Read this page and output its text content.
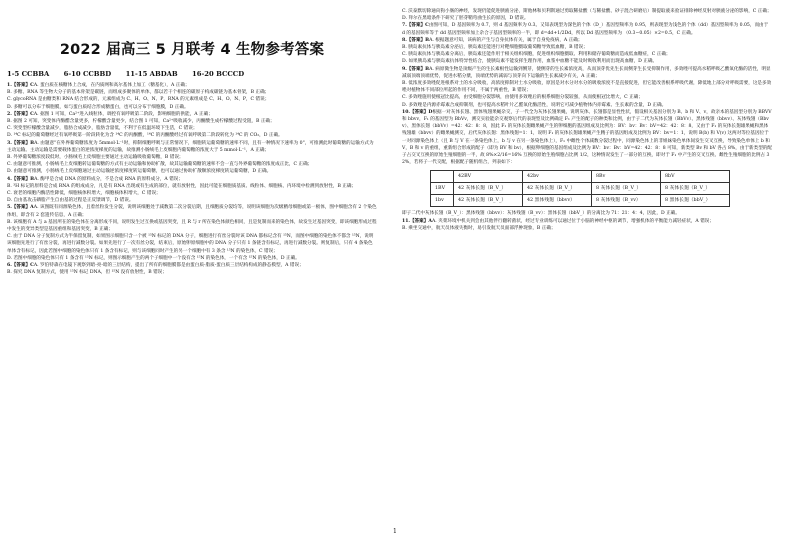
2022 届高三 5 月联考 4 生物参考答案
1-5 CCBBA 6-10 CCBBD 11-15 ABDAB 16-20 BCCCD

1.【答案】CA. 蛋白质在核糖体上合成，在内质网和高尔基体上加工（糖基化），A 正确；

B. 多糖、RNA 等生物大分子的基本骨架是碳链，而组成多聚体的单体，都以若干个相连的碳原子构成碳链为基本骨架，B 正确；

C. glycoRNA 是由糖类和 RNA 结合形成的，元素组成为 C、H、O、N、P，RNA 的元素组成是 C、H、O、N、P，C 错误；

D. 多糖可以分布于细胞膜，如与蛋白质结合形成糖蛋白，也可以分布于细胞膜，D 正确。

2.【答案】CA. 据图 1 可知，Ca²⁺进入线粒体，调控有氧呼吸第二阶段，影响细胞的供能，A 正确；

B. 据图 2 可知，突变体内酶醋含量更多，柠檬酸含量更少，结合图 1 可知，Ca²⁺吸收减少，丙酮酸生成柠檬酸过程受阻，B 正确；

C. 突变型柠檬酸含量减少，脂肪合成减少，脂肪含量低，不利于在低温环境下生活，C 错误；

D. ¹⁴C 标记的葡萄糖经过有氧呼吸第一阶段转化为含 ¹⁴C 的丙酮酸，¹⁴C 的丙酮酸经过有氧呼吸第二阶段转化为 ¹⁴C 的 CO₂，D 正确。

3.【答案】BA. 由题意"在外界葡萄糖浓度为 5mmol·L⁻¹时，抑制细胞呼吸与正常情况下，细胞转运葡萄糖的速率不同，且有一种情况下速率为 0"，可推测此时葡萄糖的运输方式为主动运输。主动运输是需要载体蛋白的逆浓度梯度的运输，故推测小肠绒毛上皮细胞内葡萄糖的浓度大于 5 mmol·L⁻¹，A 正确；

B. 外界葡萄糖浓度较低时，小肠绒毛上皮细胞主要通过主动运输吸收葡萄糖，B 错误；

C. 由题意可推测，小肠绒毛上皮细胞转运葡萄糖的方式有主动运输和协助扩散，故其运输葡萄糖的速率不会一直与外界葡萄糖的浓度成正比，C 正确；

D. 由题意可推测，小肠绒毛上皮细胞通过主动运输逆浓度梯度转运葡萄糖，也可以通过协助扩散顺浓度梯度转运葡萄糖，D 正确。

4.【答案】BA. 酶甲是合成 DNA 的原料成分，不是合成 RNA 的原料成分，A 错误；

B. ³H 标记的原料是合成 RNA 的组成成分，凡是有 RNA 出现或有生成的部位，就有放射性，因此可能在细胞质基质、线粒体、细胞核、内环境中检测到放射性，B 正确；

C. 衰老的细胞内酶活性降低，细胞核体积增大，细胞核体积增大，C 错误；

D. 自由基攻击磷脂产生自由基的过程是正反馈调节，D 错误。

5.【答案】AA. 该图既有同源染色体，且着丝粒发生分裂，说明该细胞处于减数第二次分裂后期，且细胞质分裂均等，说明该细胞为次级精母细胞或第一极体，图中细胞含有 2 个染色体组，即含有 2 套遗传信息，A 正确；

B. 该细胞有 A 与 a 基因所在的染色体在分离形成不同，说明发生过互换或基因突变，且 R 与 r 所在染色体颜色相同，且是复制而来的染色体，故发生过基因突变，即该细胞形成过程中发生的变异类型是基因重组和基因突变，B 正确；

C. 由于 DNA 分子复制方式为半保留复制，如果图示细胞只含一个被 ¹⁵N 标记的 DNA 分子，细胞进行有丝分裂时该 DNA 都标记含有 ¹⁵N，而图中细胞的染色体不都含 ¹⁵N，说明该细胞先进行了有丝分裂，再进行减数分裂。如果先进行了一次有丝分裂，结束后，原始卵原细胞中的 DNA 分子只有 1 条链含有标记，再进行减数分裂。则复制后，只有 4 条染色单体含有标记，因此若图中细胞的染色体只有 1 条含有标记，则与该细胞同时产生的另一个细胞中有 3 条含 ¹⁵N 的染色体，C 错误；

D. 若图中细胞的染色体只有 1 条含有 ¹⁵N 标记，则图示细胞产生的两个子细胞中一个没有含 ¹⁵N 的染色体，一个有含 ¹⁵N 的染色体，D 正确。

6.【答案】CA. 罗伯特森在电镜下观察到暗-亮-暗的三层结构，提出了所有的细胞膜都是由蛋白质-脂质-蛋白质三层结构构成的静态模型，A 错误；

B. 探究 DNA 复制方式，使用 ¹⁵N 标记 DNA，但 ¹⁵N 没有放射性，B 错误；

C. 沃泰默切除通向狗小肠的神经，发现仍能促进胰液分泌，斯他林和贝利斯通过剪取稀盐酸（与稀盐酸、砂子混合研磨后）制提取液来验证排除神经反射对胰液分泌的影响，C 正确；

D. 拜尔在黑暗条件下研究了胚芽鞘弯曲生长的原因，D 错误。

7.【答案】C由图可知，D 基因频率为 0.7，则 d 基因频率为 0.3。又知表现型为深色的个体（D_）基因型频率为 0.95，则表现型为浅色的个体（dd）基因型频率为 0.05，而由于 d 的基因频率等于 dd 基因型频率加上杂合子基因型频率的一半，即 d=dd+1/2Dd，所以 Dd 基因型频率为 （0.3−0.05）×2=0.5，C 正确。

8.【答案】BA. 根据题意可知，该病的产生与自身抗体有关，属于自身免疫病，A 正确；

B. 胰岛素抗体与胰岛素分泌后，胰岛素还能进行对靶细胞摄取葡萄糖导致低血糖，B 错误；

C. 胰岛素抗体与胰岛素分离后，胰岛素还能作用于相关组织细胞，促进组织细胞摄取、利用和储存葡萄糖而造成低血糖症，C 正确；

D. 如果胰岛素与胰岛素抗体特异性结合，使胰岛素不能发挥生理作用，血浆中血糖不能及时吸收利用而出现高血糖，D 正确。

9.【答案】BA. 病原微生物是顶级产生的生长素根性运输到侧芽，使侧芽的生长素浓度高，从而顶芽优先生长而侧芽生长受抑制作用，多效唑可提高水稻呼吸乙酸氧化酶的活性，明显减弱顶端顶端优势，促进水稻分蘖，顶端优势的减弱与顶芽向下运输的生长素减少有关，A 正确；

B. 低浓度多效唑促进根系对土的水分吸收，高浓度抑制对土水分吸收，原因是对水分对水分的吸收浓度不是直接促进，但它能改善根系呼吸代谢，降低地上部分对呼吸需要，这是多效唑对植物体不同部位所起的作用不同，不属于两重性，B 错误；

C. 多效唑施用使根冠比提高，由受细胞分裂影响，由使用多效唑后的根系细胞分裂较强，从而使根冠比增大，C 正确；

D. 多效唑是内源赤霉素合成抑制剂，也可提高水稻叶片乙醛氧化酶活性，说明它可减少植物体内赤霉素、生长素的含量，D 正确。

10.【答案】D根据一对灰体长翅、黑体残翅果蝇杂交，子一代全为灰体长翅果蝇，说明灰体、长翅都是显性性状，假设相关基因分别为 B、b 和 V、v，故亲本的基因型分别为 BBVV 和 bbvv，F₁ 的基因型为 BbVv，测交实验能杂交观察后代的表现型及比例确定 F₁ 产生的配子的种类和比例，由于子二代为灰体长翅（BbVv）、黑体残翅（bbvv）、灰体残翅（Bbvv）、黑体长翅（bbVv）=42：42：8：8，因此 F₁ 的灰体长翅雌果蝇产生的卵细胞的基因组成及比例为：BV：bv：Bv：bV=42：42：8：8，又由于 F₁ 的灰体长翅雄果蝇和黑体残翅雄（bbvv）的雌果蝇测交，后代灰体长翅：黑体残翅=1：1，说明 F₁ 的灰体长翅雄果蝇产生精子的基因组成及比例为 BV：bv=1：1，说明 B(b) 和 V(v) 这两对等位基因位于一对同源染色体上（且 B 与 V 在一条染色体上，b 与 v 在另一条染色体上），F₁ 中雌性个体减数分裂过程中，同源染色体上的非姐妹染色单体间发生交叉互换，导致染色单体上 b 和 V，B 和 v 的重组，重新组合形成的配子（即为 BV 和 bv），根据卵细胞的基因组成及比例为 BV：bv：Bv：bV=42：42：8：8 可知，新类型 Bv 和 bV 各占 8%，由于新类型的配子占交叉互换的原始生殖细胞的一半，故 8%×2/16=16% 互换的原始生殖细胞占比例 1/2，这种情况发生了一部分的互换，即对于 F₁ 中产生的交叉互换、雌性生殖细胞的比例占 32%，若将子一代交配，根据配子随机组合，列表如下：

	42BV	42bv	8Bv	8bV
1BV	42 灰体长翅（B_V_）	42 灰体长翅（B_V_）	8 灰体长翅（B_V_）	8 灰体长翅（B_V_）
1bv	42 灰体长翅（B_V_）	42 黑体残翅（bbvv）	8 灰体残翅（B_vv）	8 黑体长翅（bbV_）

即子二代中灰体长翅（B_V_）：黑体残翅（bbvv）：灰体残翅（B_vv）：黑体长翅（bbV_）的分离比为 71：21：4：4，因此，D 正确。

11.【答案】AA. 夹菜环境中机关到会由其他伴行翻转菌状，经过专业训练可以通过位于小脑的神经中枢的调节，增强机体的平衡能力减轻症状，A 错误；

B. 乘坐交通中，航天员体液失衡时，易引发航天员面部浮肿现象，B 正确；

1
